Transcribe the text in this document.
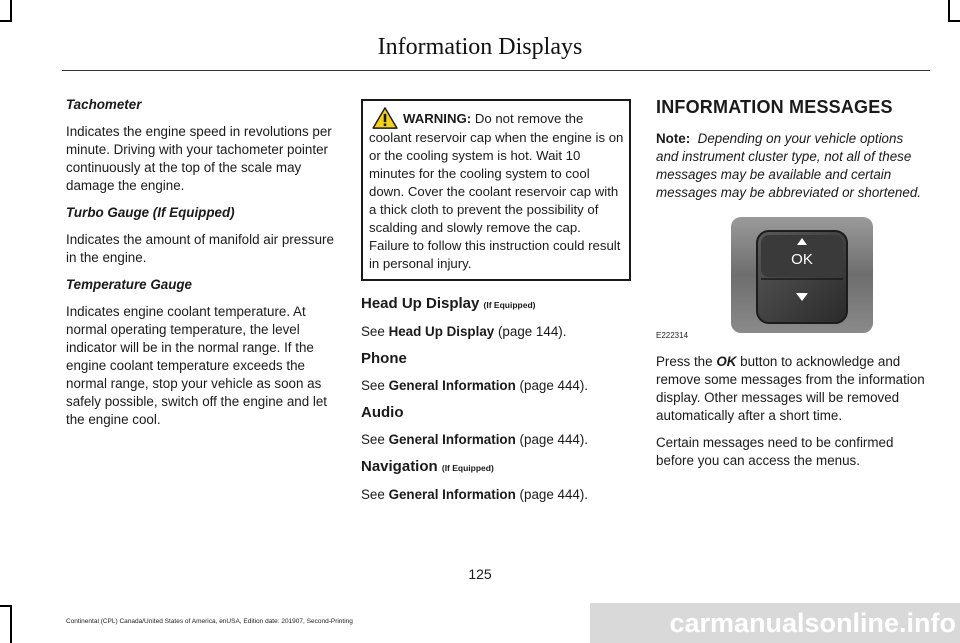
Information Displays

Tachometer

Indicates the engine speed in revolutions per minute. Driving with your tachometer pointer continuously at the top of the scale may damage the engine.

Turbo Gauge (If Equipped)

Indicates the amount of manifold air pressure in the engine.

Temperature Gauge

Indicates engine coolant temperature. At normal operating temperature, the level indicator will be in the normal range. If the engine coolant temperature exceeds the normal range, stop your vehicle as soon as safely possible, switch off the engine and let the engine cool.

WARNING: Do not remove the coolant reservoir cap when the engine is on or the cooling system is hot. Wait 10 minutes for the cooling system to cool down. Cover the coolant reservoir cap with a thick cloth to prevent the possibility of scalding and slowly remove the cap. Failure to follow this instruction could result in personal injury.
Head Up Display (If Equipped)

See Head Up Display (page 144).

Phone

See General Information (page 444).

Audio

See General Information (page 444).

Navigation (If Equipped)

See General Information (page 444).

INFORMATION MESSAGES

Note: Depending on your vehicle options and instrument cluster type, not all of these messages may be available and certain messages may be abbreviated or shortened.

OK
E222314

Press the OK button to acknowledge and remove some messages from the information display. Other messages will be removed automatically after a short time.

Certain messages need to be confirmed before you can access the menus.

125
Continental (CPL) Canada/United States of America, enUSA, Edition date: 201907, Second-Printing	carmanualsonline.info
